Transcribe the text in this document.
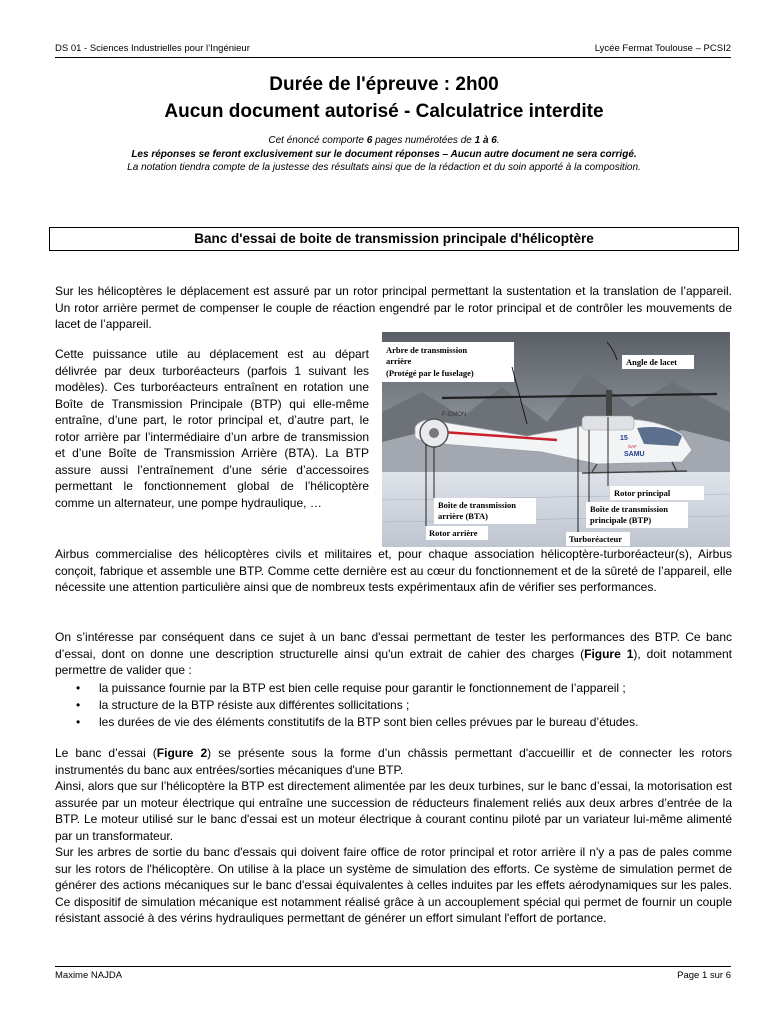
DS 01 - Sciences Industrielles pour l’Ingénieur	Lycée Fermat Toulouse – PCSI2
Durée de l'épreuve : 2h00
Aucun document autorisé - Calculatrice interdite
Cet énoncé comporte 6 pages numérotées de 1 à 6.
Les réponses se feront exclusivement sur le document réponses – Aucun autre document ne sera corrigé.
La notation tiendra compte de la justesse des résultats ainsi que de la rédaction et du soin apporté à la composition.
Banc d'essai de boite de transmission principale d'hélicoptère
Sur les hélicoptères le déplacement est assuré par un rotor principal permettant la sustentation et la translation de l’appareil. Un rotor arrière permet de compenser le couple de réaction engendré par le rotor principal et de contrôler les mouvements de lacet de l’appareil.
Cette puissance utile au déplacement est au départ délivrée par deux turboréacteurs (parfois 1 suivant les modèles). Ces turboréacteurs entraînent en rotation une Boîte de Transmission Principale (BTP) qui elle-même entraîne, d’une part, le rotor principal et, d’autre part, le rotor arrière par l’intermédiaire d’un arbre de transmission et d’une Boîte de Transmission Arrière (BTA). La BTP assure aussi l’entraînement d’une série d’accessoires permettant le fonctionnement global de l’hélicoptère comme un alternateur, une pompe hydraulique, …
F-GMON
15
SAMU
SAF
Arbre de transmission
arrière
(Protégé par le fuselage)
Angle de lacet
Rotor principal
Boîte de transmission
arrière (BTA)
Boîte de transmission
principale (BTP)
Rotor arrière
Turboréacteur
Airbus commercialise des hélicoptères civils et militaires et, pour chaque association hélicoptère-turboréacteur(s), Airbus conçoit, fabrique et assemble une BTP. Comme cette dernière est au cœur du fonctionnement et de la sûreté de l’appareil, elle nécessite une attention particulière ainsi que de nombreux tests expérimentaux afin de vérifier ses performances.
On s’intéresse par conséquent dans ce sujet à un banc d'essai permettant de tester les performances des BTP. Ce banc d’essai, dont on donne une description structurelle ainsi qu'un extrait de cahier des charges (Figure 1), doit notamment permettre de valider que :
• la puissance fournie par la BTP est bien celle requise pour garantir le fonctionnement de l’appareil ;
• la structure de la BTP résiste aux différentes sollicitations ;
• les durées de vie des éléments constitutifs de la BTP sont bien celles prévues par le bureau d’études.
Le banc d’essai (Figure 2) se présente sous la forme d’un châssis permettant d'accueillir et de connecter les rotors instrumentés du banc aux entrées/sorties mécaniques d'une BTP.
Ainsi, alors que sur l’hélicoptère la BTP est directement alimentée par les deux turbines, sur le banc d’essai, la motorisation est assurée par un moteur électrique qui entraîne une succession de réducteurs finalement reliés aux deux arbres d’entrée de la BTP. Le moteur utilisé sur le banc d'essai est un moteur électrique à courant continu piloté par un variateur lui-même alimenté par un transformateur.
Sur les arbres de sortie du banc d'essais qui doivent faire office de rotor principal et rotor arrière il n'y a pas de pales comme sur les rotors de l'hélicoptère. On utilise à la place un système de simulation des efforts. Ce système de simulation permet de générer des actions mécaniques sur le banc d'essai équivalentes à celles induites par les effets aérodynamiques sur les pales. Ce dispositif de simulation mécanique est notamment réalisé grâce à un accouplement spécial qui permet de fournir un couple résistant associé à des vérins hydrauliques permettant de générer un effort simulant l'effort de portance.
Maxime NAJDA	Page 1 sur 6
